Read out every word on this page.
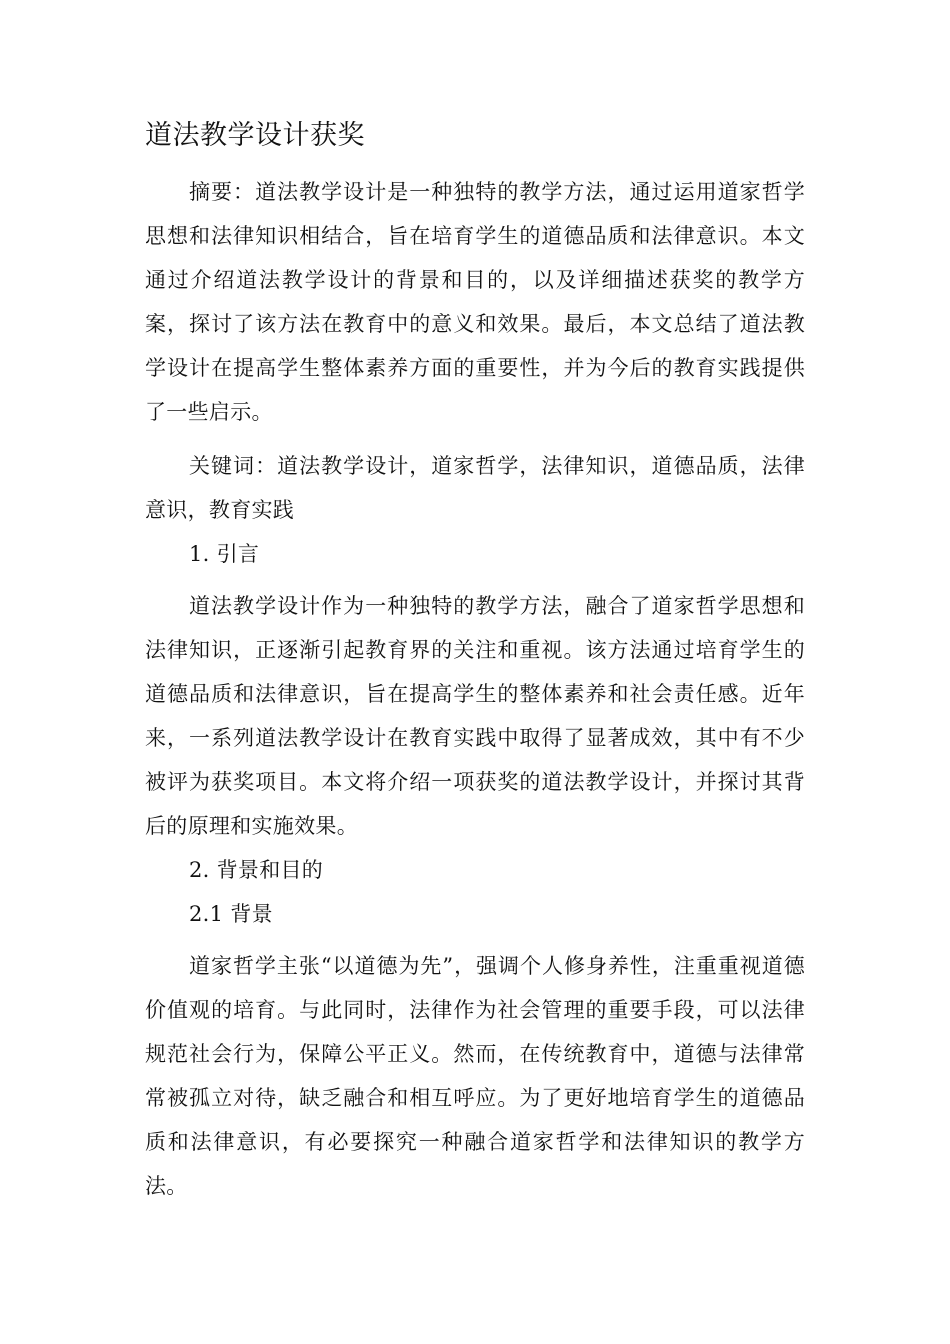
道法教学设计获奖

摘要：道法教学设计是一种独特的教学方法，通过运用道家哲学思想和法律知识相结合，旨在培育学生的道德品质和法律意识。本文通过介绍道法教学设计的背景和目的，以及详细描述获奖的教学方案，探讨了该方法在教育中的意义和效果。最后，本文总结了道法教学设计在提高学生整体素养方面的重要性，并为今后的教育实践提供了一些启示。

关键词：道法教学设计，道家哲学，法律知识，道德品质，法律意识，教育实践

1. 引言

道法教学设计作为一种独特的教学方法，融合了道家哲学思想和法律知识，正逐渐引起教育界的关注和重视。该方法通过培育学生的道德品质和法律意识，旨在提高学生的整体素养和社会责任感。近年来，一系列道法教学设计在教育实践中取得了显著成效，其中有不少被评为获奖项目。本文将介绍一项获奖的道法教学设计，并探讨其背后的原理和实施效果。

2. 背景和目的

2.1 背景

道家哲学主张“以道德为先”，强调个人修身养性，注重重视道德价值观的培育。与此同时，法律作为社会管理的重要手段，可以法律规范社会行为，保障公平正义。然而，在传统教育中，道德与法律常常被孤立对待，缺乏融合和相互呼应。为了更好地培育学生的道德品质和法律意识，有必要探究一种融合道家哲学和法律知识的教学方法。
